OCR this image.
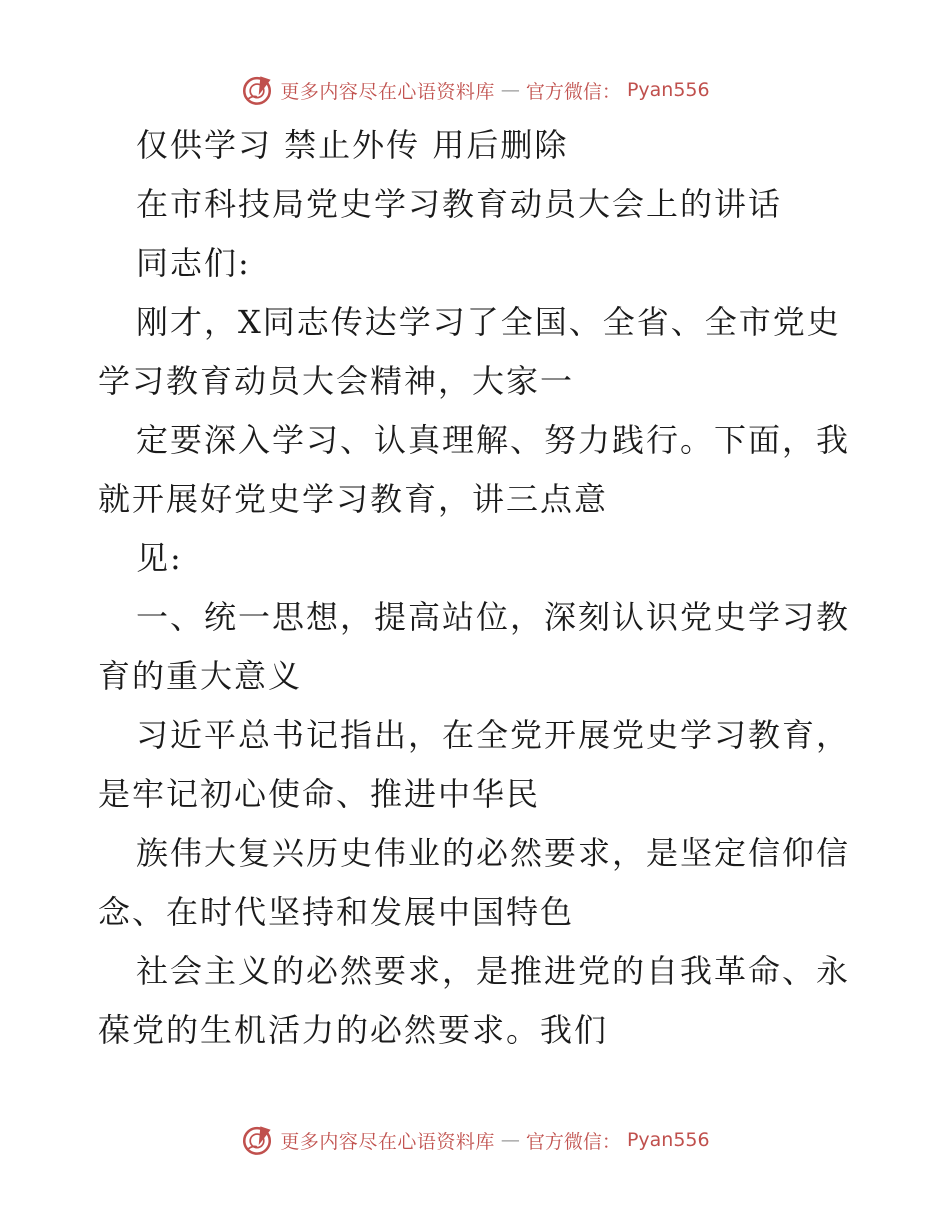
更多内容尽在心语资料库 — 官方微信： Pyan556
仅供学习 禁止外传 用后删除
在市科技局党史学习教育动员大会上的讲话
同志们:
刚才，X同志传达学习了全国、全省、全市党史
学习教育动员大会精神，大家一
定要深入学习、认真理解、努力践行。下面，我
就开展好党史学习教育，讲三点意
见:
一、统一思想，提高站位，深刻认识党史学习教
育的重大意义
习近平总书记指出，在全党开展党史学习教育，
是牢记初心使命、推进中华民
族伟大复兴历史伟业的必然要求，是坚定信仰信
念、在时代坚持和发展中国特色
社会主义的必然要求，是推进党的自我革命、永
葆党的生机活力的必然要求。我们
更多内容尽在心语资料库 — 官方微信： Pyan556
